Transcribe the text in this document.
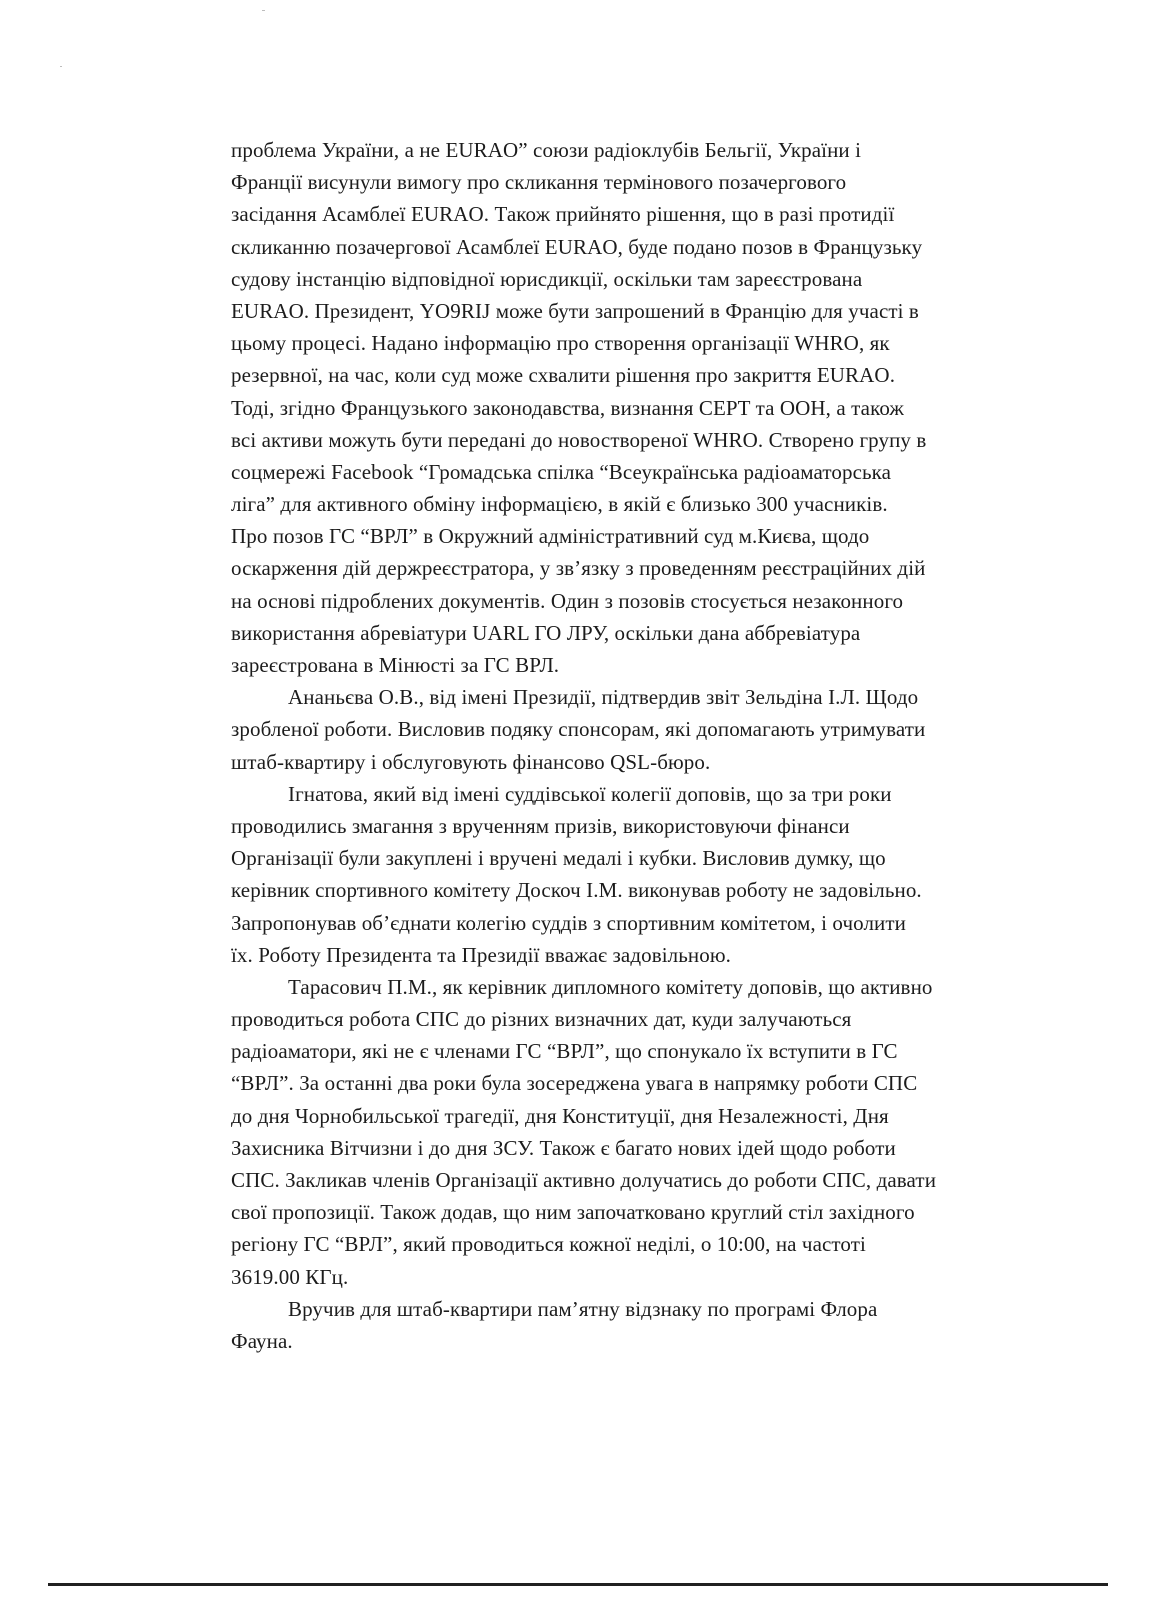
проблема України, а не EURAO” союзи радіоклубів Бельгії, України і
Франції висунули вимогу про скликання термінового позачергового
засідання Асамблеї EURAO. Також прийнято рішення, що в разі протидії
скликанню позачергової Асамблеї EURAO, буде подано позов в Французьку
судову інстанцію відповідної юрисдикції, оскільки там зареєстрована
EURAO. Президент, YO9RIJ може бути запрошений в Францію для участі в
цьому процесі. Надано інформацію про створення організації WHRO, як
резервної, на час, коли суд може схвалити рішення про закриття EURAO.
Тоді, згідно Французького законодавства, визнання CEPT та ООН, а також
всі активи можуть бути передані до новоствореної WHRO. Створено групу в
соцмережі Facebook “Громадська спілка “Всеукраїнська радіоаматорська
ліга” для активного обміну інформацією, в якій є близько 300 учасників.
Про позов ГС “ВРЛ” в Окружний адміністративний суд м.Києва, щодо
оскарження дій держреєстратора, у зв’язку з проведенням реєстраційних дій
на основі підроблених документів. Один з позовів стосується незаконного
використання абревіатури UARL ГО ЛРУ, оскільки дана аббревіатура
зареєстрована в Мінюсті за ГС ВРЛ.
Ананьєва О.В., від імені Президії, підтвердив звіт Зельдіна І.Л. Щодо
зробленої роботи. Висловив подяку спонсорам, які допомагають утримувати
штаб-квартиру і обслуговують фінансово QSL-бюро.
Ігнатова, який від імені суддівської колегії доповів, що за три роки
проводились змагання з врученням призів, використовуючи фінанси
Організації були закуплені і вручені медалі і кубки. Висловив думку, що
керівник спортивного комітету Доскоч І.М. виконував роботу не задовільно.
Запропонував об’єднати колегію суддів з спортивним комітетом, і очолити
їх. Роботу Президента та Президії вважає задовільною.
Тарасович П.М., як керівник дипломного комітету доповів, що активно
проводиться робота СПС до різних визначних дат, куди залучаються
радіоаматори, які не є членами ГС “ВРЛ”, що спонукало їх вступити в ГС
“ВРЛ”. За останні два роки була зосереджена увага в напрямку роботи СПС
до дня Чорнобильської трагедії, дня Конституції, дня Незалежності, Дня
Захисника Вітчизни і до дня ЗСУ. Також є багато нових ідей щодо роботи
СПС. Закликав членів Організації активно долучатись до роботи СПС, давати
свої пропозиції. Також додав, що ним започатковано круглий стіл західного
регіону ГС “ВРЛ”, який проводиться кожної неділі, о 10:00, на частоті
3619.00 КГц.
Вручив для штаб-квартири пам’ятну відзнаку по програмі Флора
Фауна.
